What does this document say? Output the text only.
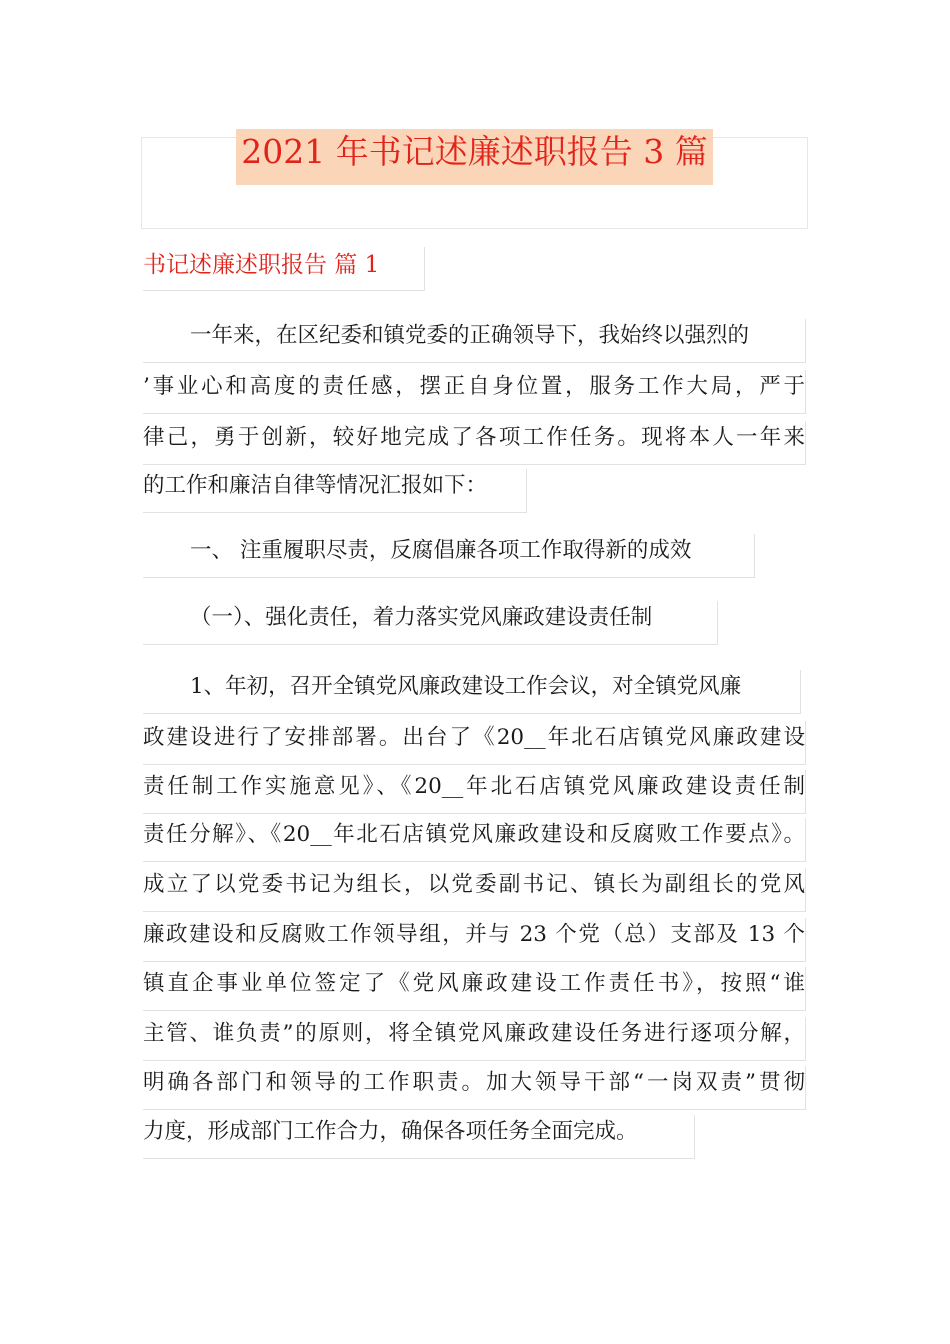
2021 年书记述廉述职报告 3 篇
书记述廉述职报告 篇 1
一年来，在区纪委和镇党委的正确领导下，我始终以强烈的
’事业心和高度的责任感，摆正自身位置，服务工作大局，严于
律己，勇于创新，较好地完成了各项工作任务。现将本人一年来
的工作和廉洁自律等情况汇报如下：
一、 注重履职尽责，反腐倡廉各项工作取得新的成效
（一）、强化责任，着力落实党风廉政建设责任制
1、年初，召开全镇党风廉政建设工作会议，对全镇党风廉
政建设进行了安排部署。出台了《20__年北石店镇党风廉政建设
责任制工作实施意见》、《20__年北石店镇党风廉政建设责任制
责任分解》、《20__年北石店镇党风廉政建设和反腐败工作要点》。
成立了以党委书记为组长，以党委副书记、镇长为副组长的党风
廉政建设和反腐败工作领导组，并与 23 个党（总）支部及 13 个
镇直企事业单位签定了《党风廉政建设工作责任书》，按照“谁
主管、谁负责”的原则，将全镇党风廉政建设任务进行逐项分解，
明确各部门和领导的工作职责。加大领导干部“一岗双责”贯彻
力度，形成部门工作合力，确保各项任务全面完成。
